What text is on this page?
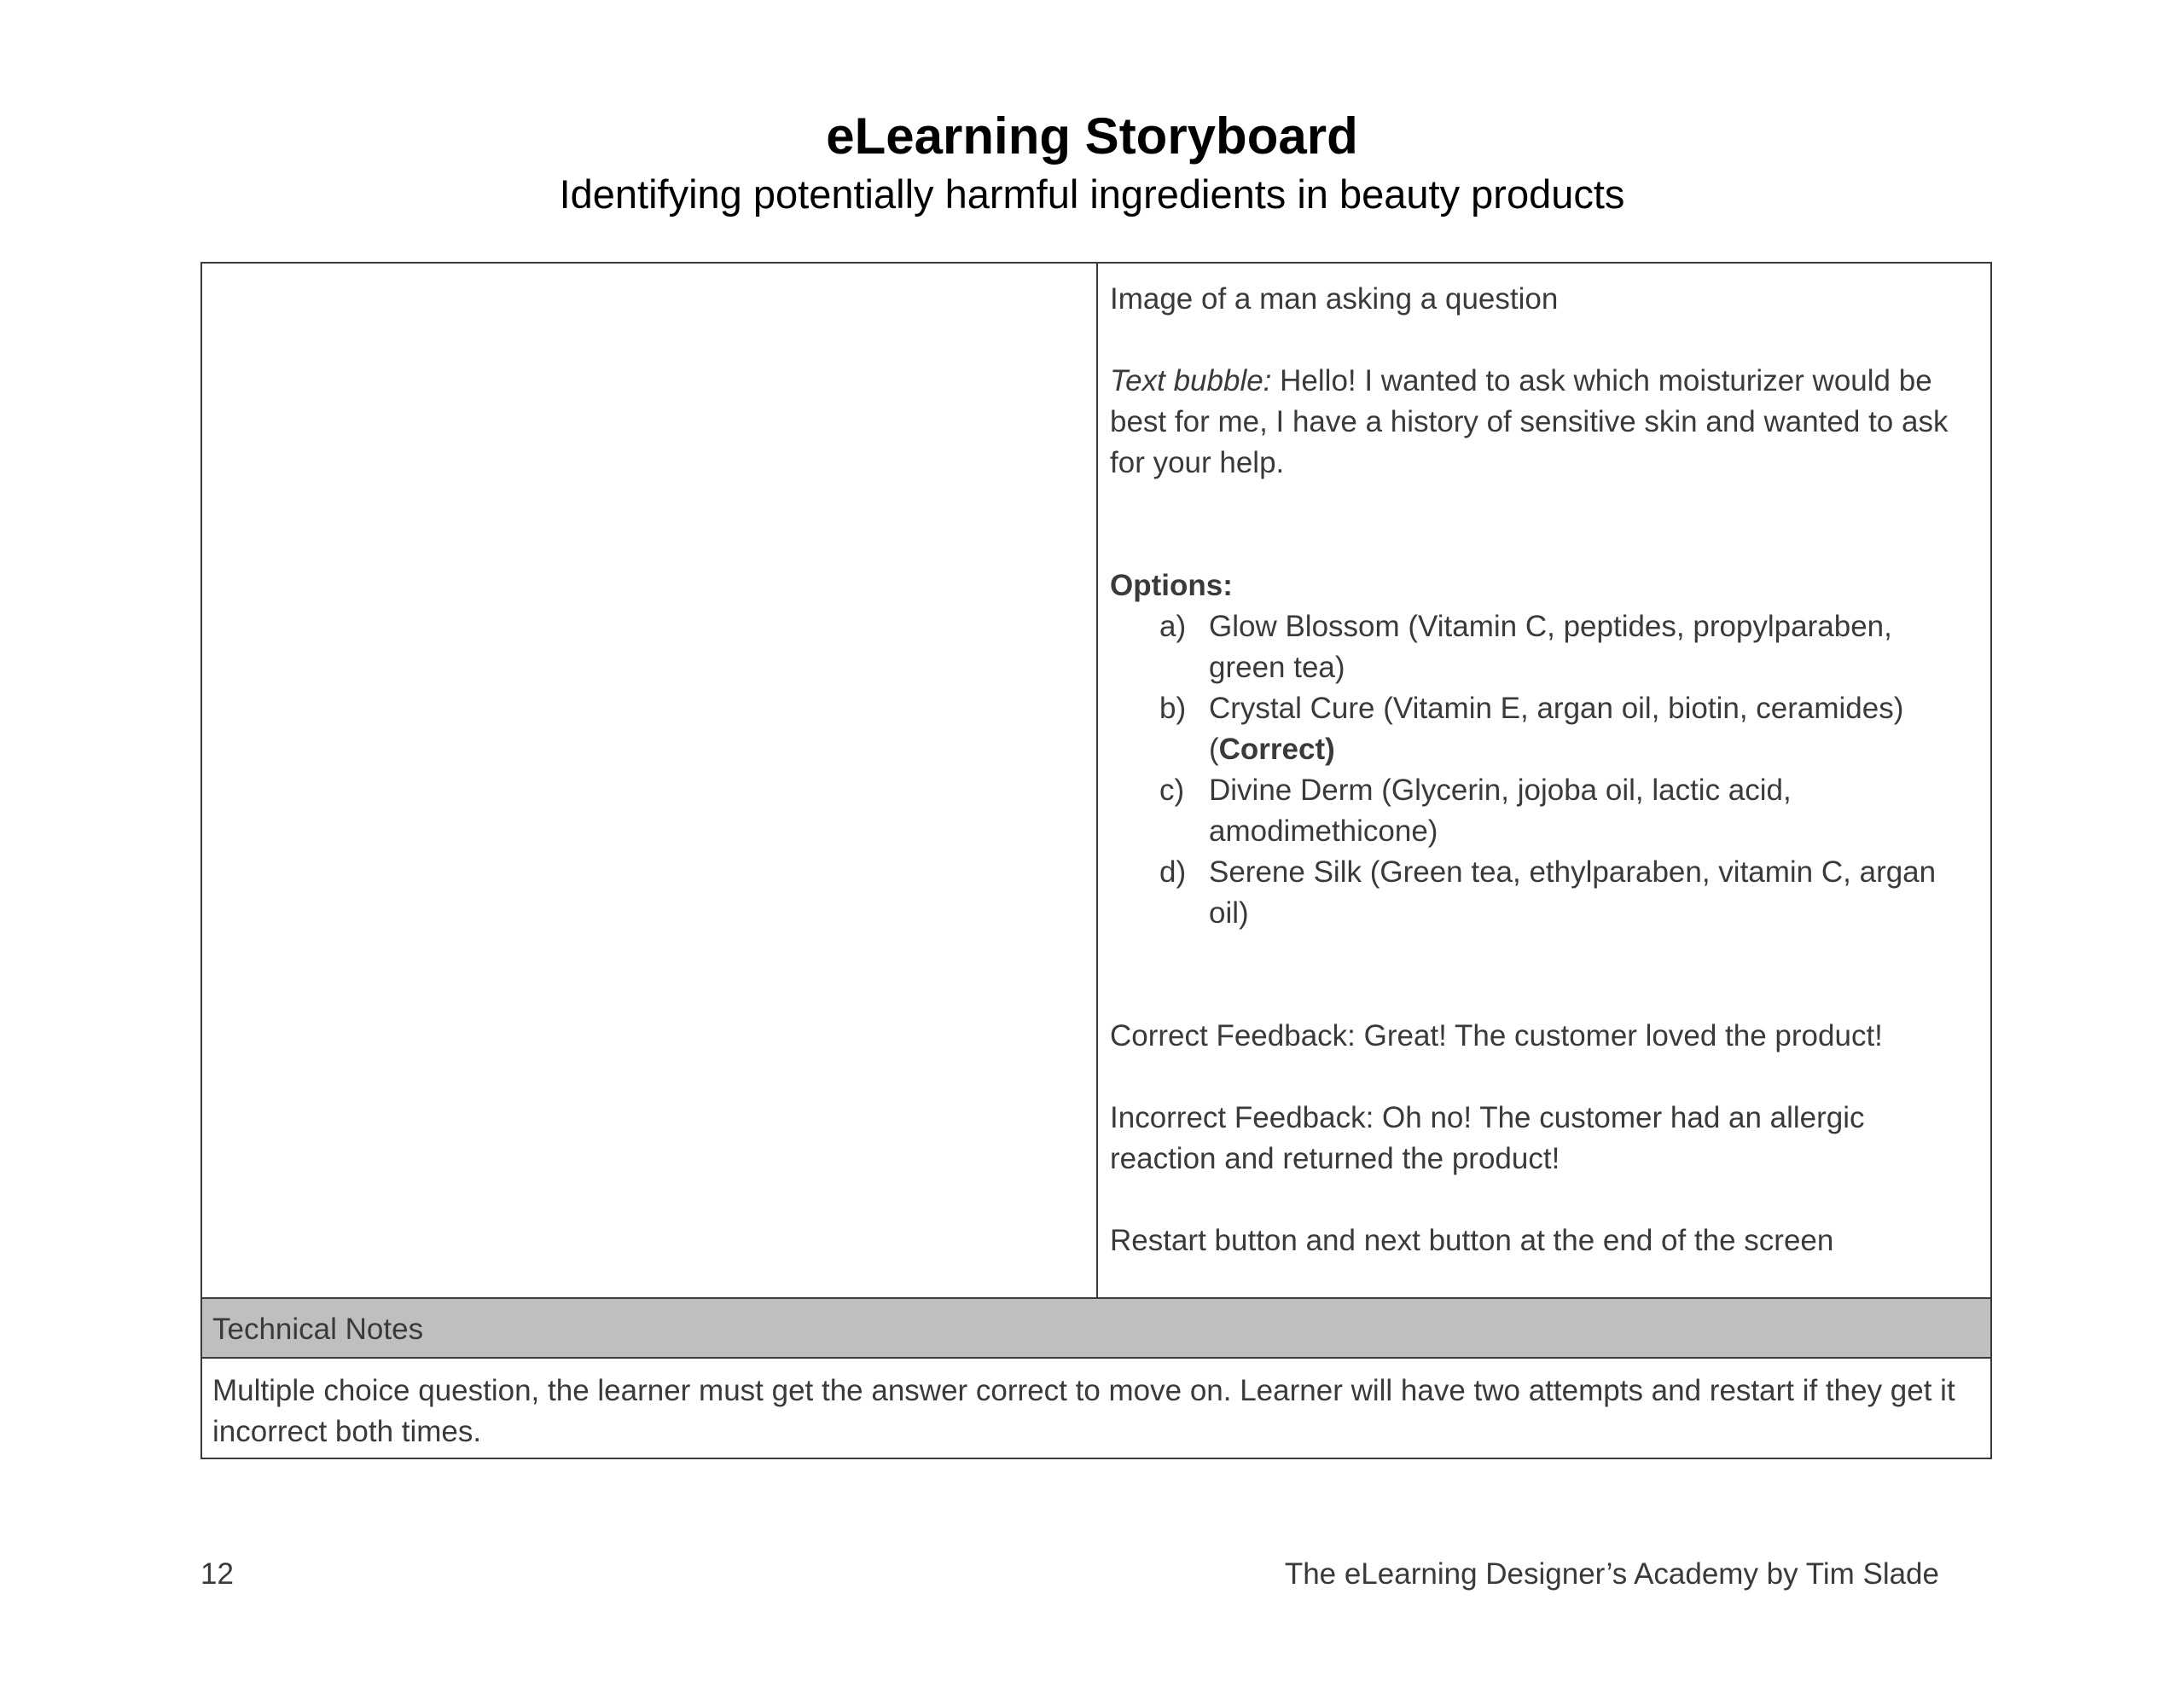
eLearning Storyboard
Identifying potentially harmful ingredients in beauty products

Image of a man asking a question

Text bubble: Hello! I wanted to ask which moisturizer would be best for me, I have a history of sensitive skin and wanted to ask for your help.

Options:

a) Glow Blossom (Vitamin C, peptides, propylparaben, green tea)
b) Crystal Cure (Vitamin E, argan oil, biotin, ceramides) (Correct)
c) Divine Derm (Glycerin, jojoba oil, lactic acid, amodimethicone)
d) Serene Silk (Green tea, ethylparaben, vitamin C, argan oil)

Correct Feedback: Great! The customer loved the product!

Incorrect Feedback: Oh no! The customer had an allergic reaction and returned the product!

Restart button and next button at the end of the screen

Technical Notes
Multiple choice question, the learner must get the answer correct to move on. Learner will have two attempts and restart if they get it incorrect both times.
12	The eLearning Designer’s Academy by Tim Slade
